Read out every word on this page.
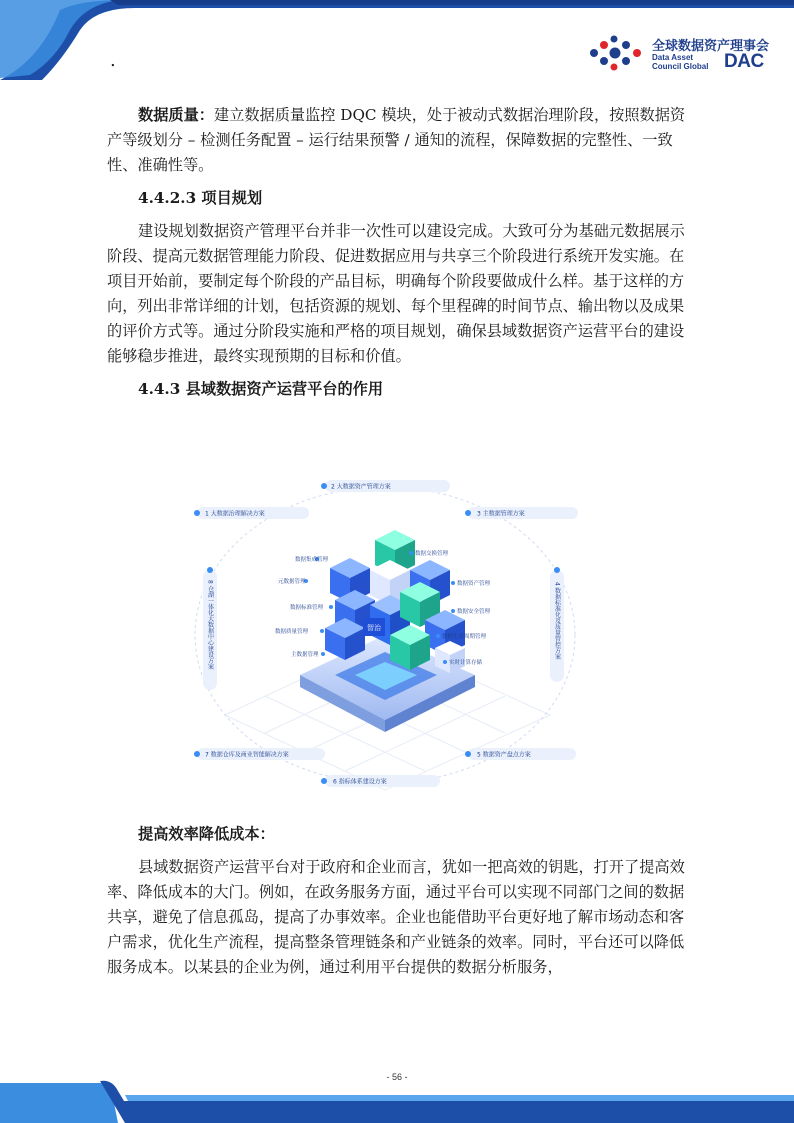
.
全球数据资产理事会
Data Asset
Council Global DAC

数据质量：建立数据质量监控 DQC 模块，处于被动式数据治理阶段，按照数据资产等级划分 – 检测任务配置 – 运行结果预警 / 通知的流程，保障数据的完整性、一致性、准确性等。

4.4.2.3 项目规划

建设规划数据资产管理平台并非一次性可以建设完成。大致可分为基础元数据展示阶段、提高元数据管理能力阶段、促进数据应用与共享三个阶段进行系统开发实施。在项目开始前，要制定每个阶段的产品目标，明确每个阶段要做成什么样。基于这样的方向，列出非常详细的计划，包括资源的规划、每个里程碑的时间节点、输出物以及成果的评价方式等。通过分阶段实施和严格的项目规划，确保县域数据资产运营平台的建设能够稳步推进，最终实现预期的目标和价值。

4.4.3 县域数据资产运营平台的作用

智治
数据集成管理
数据交换管理
元数据管理	数据资产管理
数据标准管理
数据安全管理
数据质量管理
数据生命周期管理
主数据管理
实时计算存储
2 大数据资产管理方案
1 大数据治理解决方案	3 主数据管理方案
4 数据标准化及质量管控方案
8 仓湖一体化大数据中心建设方案
7 数据仓库及商业智能解决方案	5 数据资产盘点方案
6 指标体系建设方案

提高效率降低成本：

县域数据资产运营平台对于政府和企业而言，犹如一把高效的钥匙，打开了提高效率、降低成本的大门。例如，在政务服务方面，通过平台可以实现不同部门之间的数据共享，避免了信息孤岛，提高了办事效率。企业也能借助平台更好地了解市场动态和客户需求，优化生产流程，提高整条管理链条和产业链条的效率。同时，平台还可以降低服务成本。以某县的企业为例，通过利用平台提供的数据分析服务，

- 56 -
